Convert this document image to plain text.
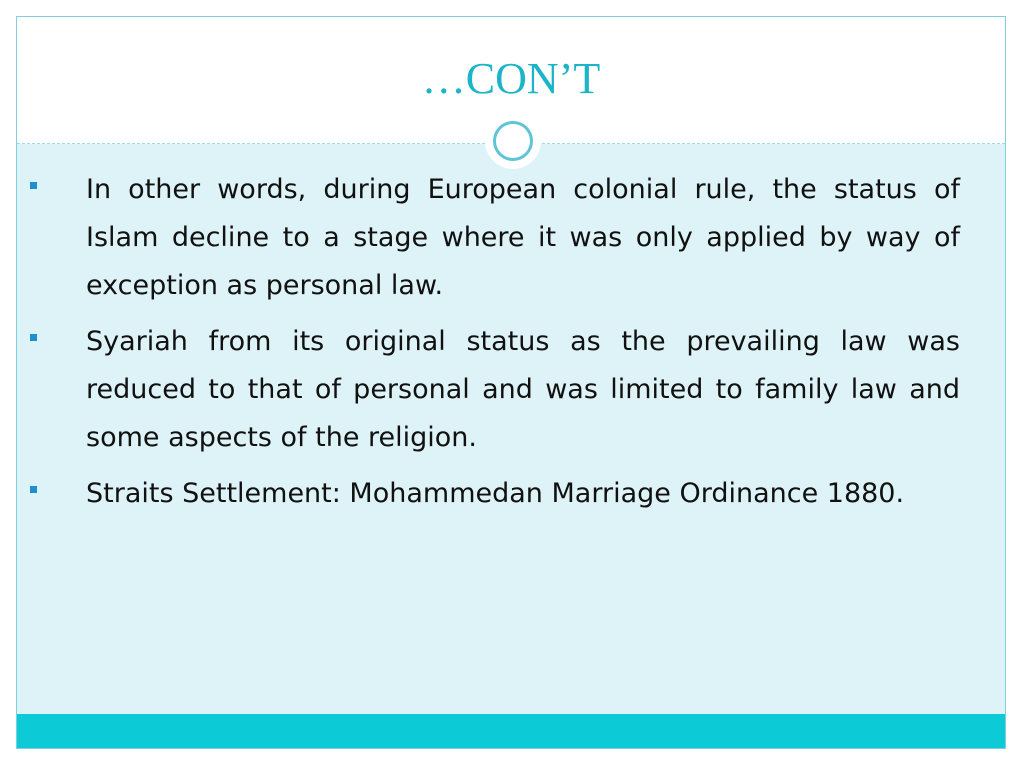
…CON’T
In other words, during European colonial rule, the status of Islam decline to a stage where it was only applied by way of exception as personal law.
Syariah from its original status as the prevailing law was reduced to that of personal and was limited to family law and some aspects of the religion.
Straits Settlement: Mohammedan Marriage Ordinance 1880.
